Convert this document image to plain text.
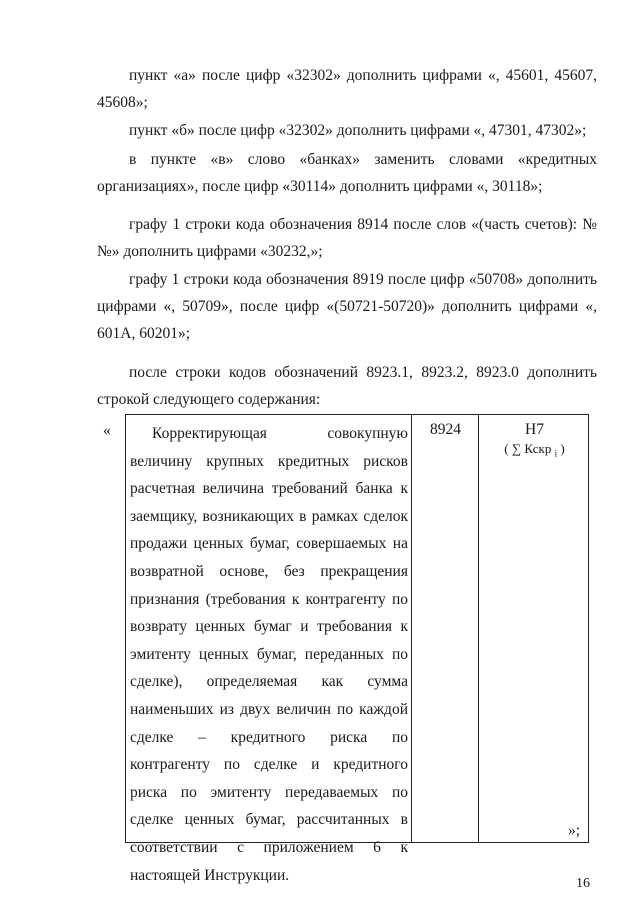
пункт «а» после цифр «32302» дополнить цифрами «, 45601, 45607, 45608»;

пункт «б» после цифр «32302» дополнить цифрами «, 47301, 47302»;

в пункте «в» слово «банках» заменить словами «кредитных организациях», после цифр «30114» дополнить цифрами «, 30118»;

графу 1 строки кода обозначения 8914 после слов «(часть счетов): № №» дополнить цифрами «30232,»;

графу 1 строки кода обозначения 8919 после цифр «50708» дополнить цифрами «, 50709», после цифр «(50721-50720)» дополнить цифрами «, 601А, 60201»;

после строки кодов обозначений 8923.1, 8923.2, 8923.0 дополнить строкой следующего содержания:

«	Корректирующая совокупную величину крупных кредитных рисков расчетная величина требований банка к заемщику, возникающих в рамках сделок продажи ценных бумаг, совершаемых на возвратной основе, без прекращения признания (требования к контрагенту по возврату ценных бумаг и требования к эмитенту ценных бумаг, переданных по сделке), определяемая как сумма наименьших из двух величин по каждой сделке – кредитного риска по контрагенту по сделке и кредитного риска по эмитенту передаваемых по сделке ценных бумаг, рассчитанных в соответствии с приложением 6 к настоящей Инструкции.

8924	Н7
( ∑ Кскр $_i$ )
»;
16
